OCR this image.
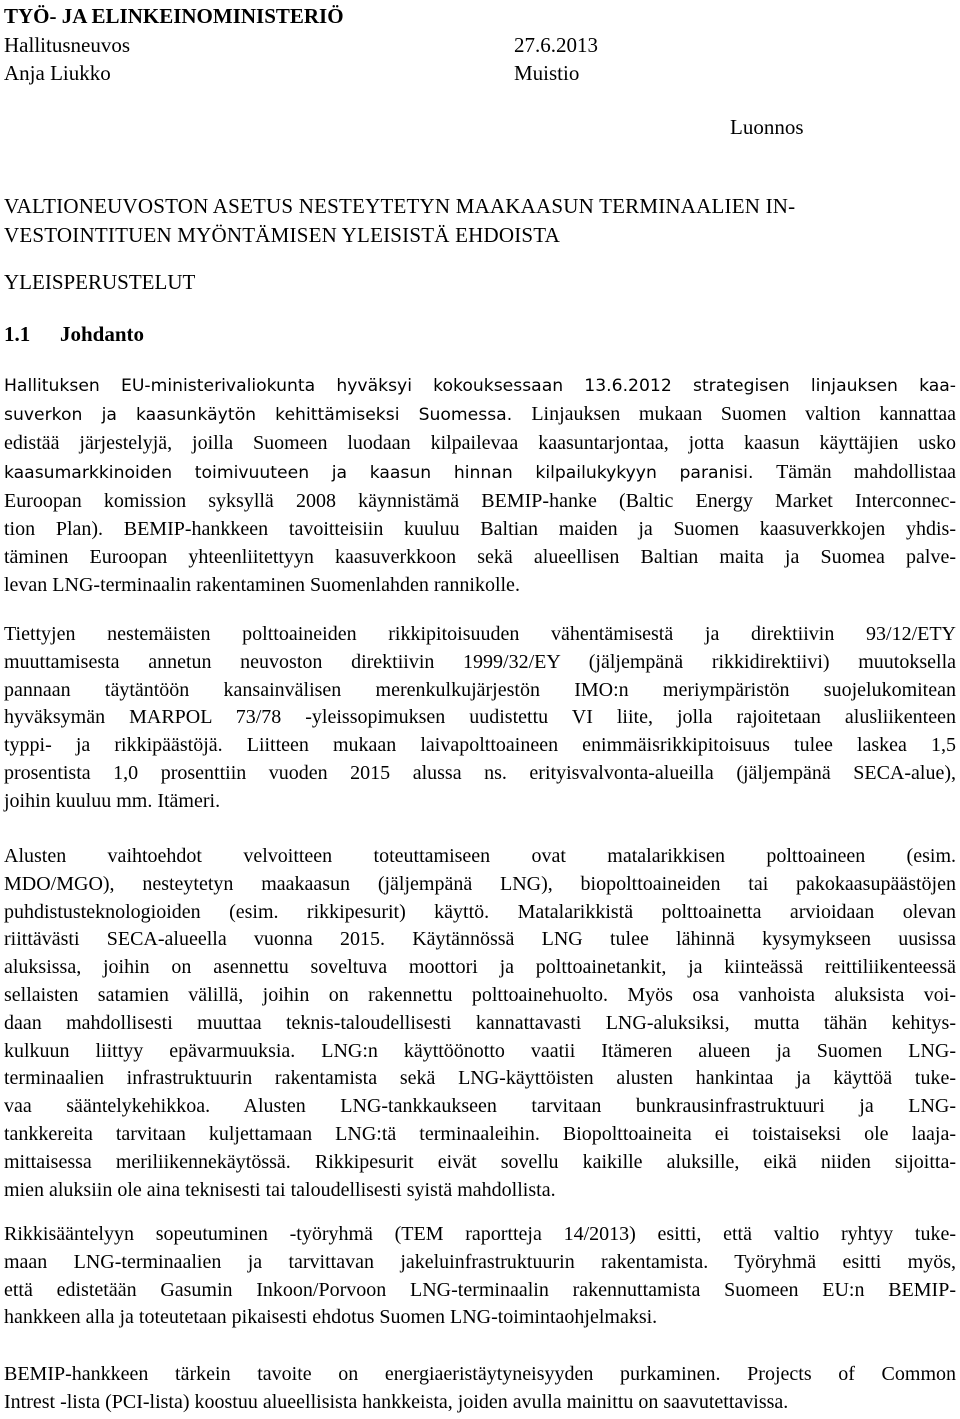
TYÖ- JA ELINKEINOMINISTERIÖ
Hallitusneuvos	27.6.2013
Anja Liukko	Muistio
Luonnos
VALTIONEUVOSTON ASETUS NESTEYTETYN MAAKAASUN TERMINAALIEN IN-
VESTOINTITUEN MYÖNTÄMISEN YLEISISTÄ EHDOISTA
YLEISPERUSTELUT
1.1 Johdanto
Hallituksen EU-ministerivaliokunta hyväksyi kokouksessaan 13.6.2012 strategisen linjauksen kaa-
suverkon ja kaasunkäytön kehittämiseksi Suomessa. Linjauksen mukaan Suomen valtion kannattaa
edistää järjestelyjä, joilla Suomeen luodaan kilpailevaa kaasuntarjontaa, jotta kaasun käyttäjien usko
kaasumarkkinoiden toimivuuteen ja kaasun hinnan kilpailukykyyn paranisi. Tämän mahdollistaa
Euroopan komission syksyllä 2008 käynnistämä BEMIP-hanke (Baltic Energy Market Interconnec-
tion Plan). BEMIP-hankkeen tavoitteisiin kuuluu Baltian maiden ja Suomen kaasuverkkojen yhdis-
täminen Euroopan yhteenliitettyyn kaasuverkkoon sekä alueellisen Baltian maita ja Suomea palve-
levan LNG-terminaalin rakentaminen Suomenlahden rannikolle.
Tiettyjen nestemäisten polttoaineiden rikkipitoisuuden vähentämisestä ja direktiivin 93/12/ETY
muuttamisesta annetun neuvoston direktiivin 1999/32/EY (jäljempänä rikkidirektiivi) muutoksella
pannaan täytäntöön kansainvälisen merenkulkujärjestön IMO:n meriympäristön suojelukomitean
hyväksymän MARPOL 73/78 -yleissopimuksen uudistettu VI liite, jolla rajoitetaan alusliikenteen
typpi- ja rikkipäästöjä. Liitteen mukaan laivapolttoaineen enimmäisrikkipitoisuus tulee laskea 1,5
prosentista 1,0 prosenttiin vuoden 2015 alussa ns. erityisvalvonta-alueilla (jäljempänä SECA-alue),
joihin kuuluu mm. Itämeri.
Alusten vaihtoehdot velvoitteen toteuttamiseen ovat matalarikkisen polttoaineen (esim.
MDO/MGO), nesteytetyn maakaasun (jäljempänä LNG), biopolttoaineiden tai pakokaasupäästöjen
puhdistusteknologioiden (esim. rikkipesurit) käyttö. Matalarikkistä polttoainetta arvioidaan olevan
riittävästi SECA-alueella vuonna 2015. Käytännössä LNG tulee lähinnä kysymykseen uusissa
aluksissa, joihin on asennettu soveltuva moottori ja polttoainetankit, ja kiinteässä reittiliikenteessä
sellaisten satamien välillä, joihin on rakennettu polttoainehuolto. Myös osa vanhoista aluksista voi-
daan mahdollisesti muuttaa teknis-taloudellisesti kannattavasti LNG-aluksiksi, mutta tähän kehitys-
kulkuun liittyy epävarmuuksia. LNG:n käyttöönotto vaatii Itämeren alueen ja Suomen LNG-
terminaalien infrastruktuurin rakentamista sekä LNG-käyttöisten alusten hankintaa ja käyttöä tuke-
vaa sääntelykehikkoa. Alusten LNG-tankkaukseen tarvitaan bunkrausinfrastruktuuri ja LNG-
tankkereita tarvitaan kuljettamaan LNG:tä terminaaleihin. Biopolttoaineita ei toistaiseksi ole laaja-
mittaisessa meriliikennekäytössä. Rikkipesurit eivät sovellu kaikille aluksille, eikä niiden sijoitta-
mien aluksiin ole aina teknisesti tai taloudellisesti syistä mahdollista.
Rikkisääntelyyn sopeutuminen -työryhmä (TEM raportteja 14/2013) esitti, että valtio ryhtyy tuke-
maan LNG-terminaalien ja tarvittavan jakeluinfrastruktuurin rakentamista. Työryhmä esitti myös,
että edistetään Gasumin Inkoon/Porvoon LNG-terminaalin rakennuttamista Suomeen EU:n BEMIP-
hankkeen alla ja toteutetaan pikaisesti ehdotus Suomen LNG-toimintaohjelmaksi.
BEMIP-hankkeen tärkein tavoite on energiaeristäytyneisyyden purkaminen. Projects of Common
Intrest -lista (PCI-lista) koostuu alueellisista hankkeista, joiden avulla mainittu on saavutettavissa.
